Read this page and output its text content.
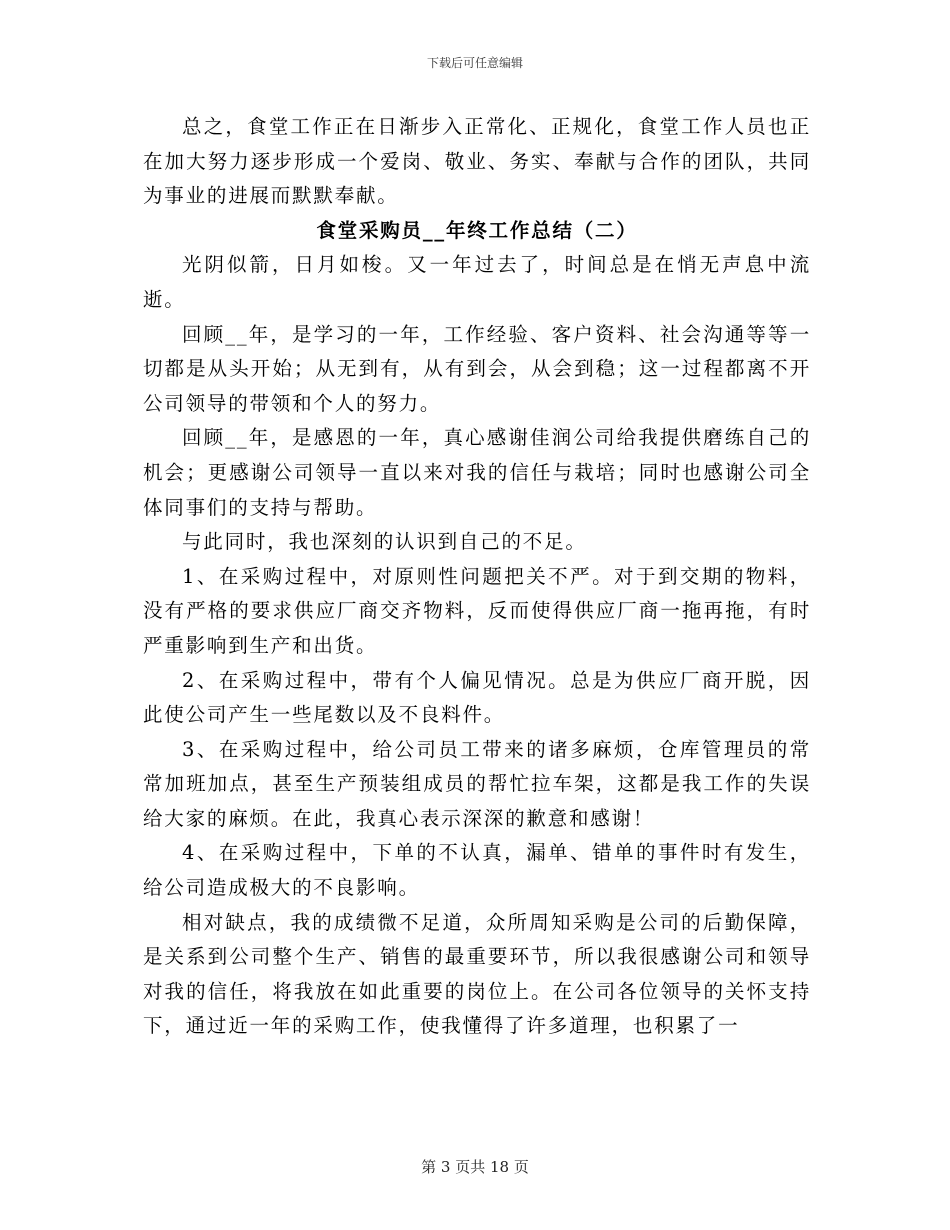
下载后可任意编辑

总之，食堂工作正在日渐步入正常化、正规化，食堂工作人员也正在加大努力逐步形成一个爱岗、敬业、务实、奉献与合作的团队，共同为事业的进展而默默奉献。

食堂采购员__年终工作总结（二）

光阴似箭，日月如梭。又一年过去了，时间总是在悄无声息中流逝。

回顾__年，是学习的一年，工作经验、客户资料、社会沟通等等一切都是从头开始；从无到有，从有到会，从会到稳；这一过程都离不开公司领导的带领和个人的努力。

回顾__年，是感恩的一年，真心感谢佳润公司给我提供磨练自己的机会；更感谢公司领导一直以来对我的信任与栽培；同时也感谢公司全体同事们的支持与帮助。

与此同时，我也深刻的认识到自己的不足。

1、在采购过程中，对原则性问题把关不严。对于到交期的物料，没有严格的要求供应厂商交齐物料，反而使得供应厂商一拖再拖，有时严重影响到生产和出货。

2、在采购过程中，带有个人偏见情况。总是为供应厂商开脱，因此使公司产生一些尾数以及不良料件。

3、在采购过程中，给公司员工带来的诸多麻烦，仓库管理员的常常加班加点，甚至生产预装组成员的帮忙拉车架，这都是我工作的失误给大家的麻烦。在此，我真心表示深深的歉意和感谢！

4、在采购过程中，下单的不认真，漏单、错单的事件时有发生，给公司造成极大的不良影响。

相对缺点，我的成绩微不足道，众所周知采购是公司的后勤保障，是关系到公司整个生产、销售的最重要环节，所以我很感谢公司和领导对我的信任，将我放在如此重要的岗位上。在公司各位领导的关怀支持下，通过近一年的采购工作，使我懂得了许多道理，也积累了一

第 3 页共 18 页
